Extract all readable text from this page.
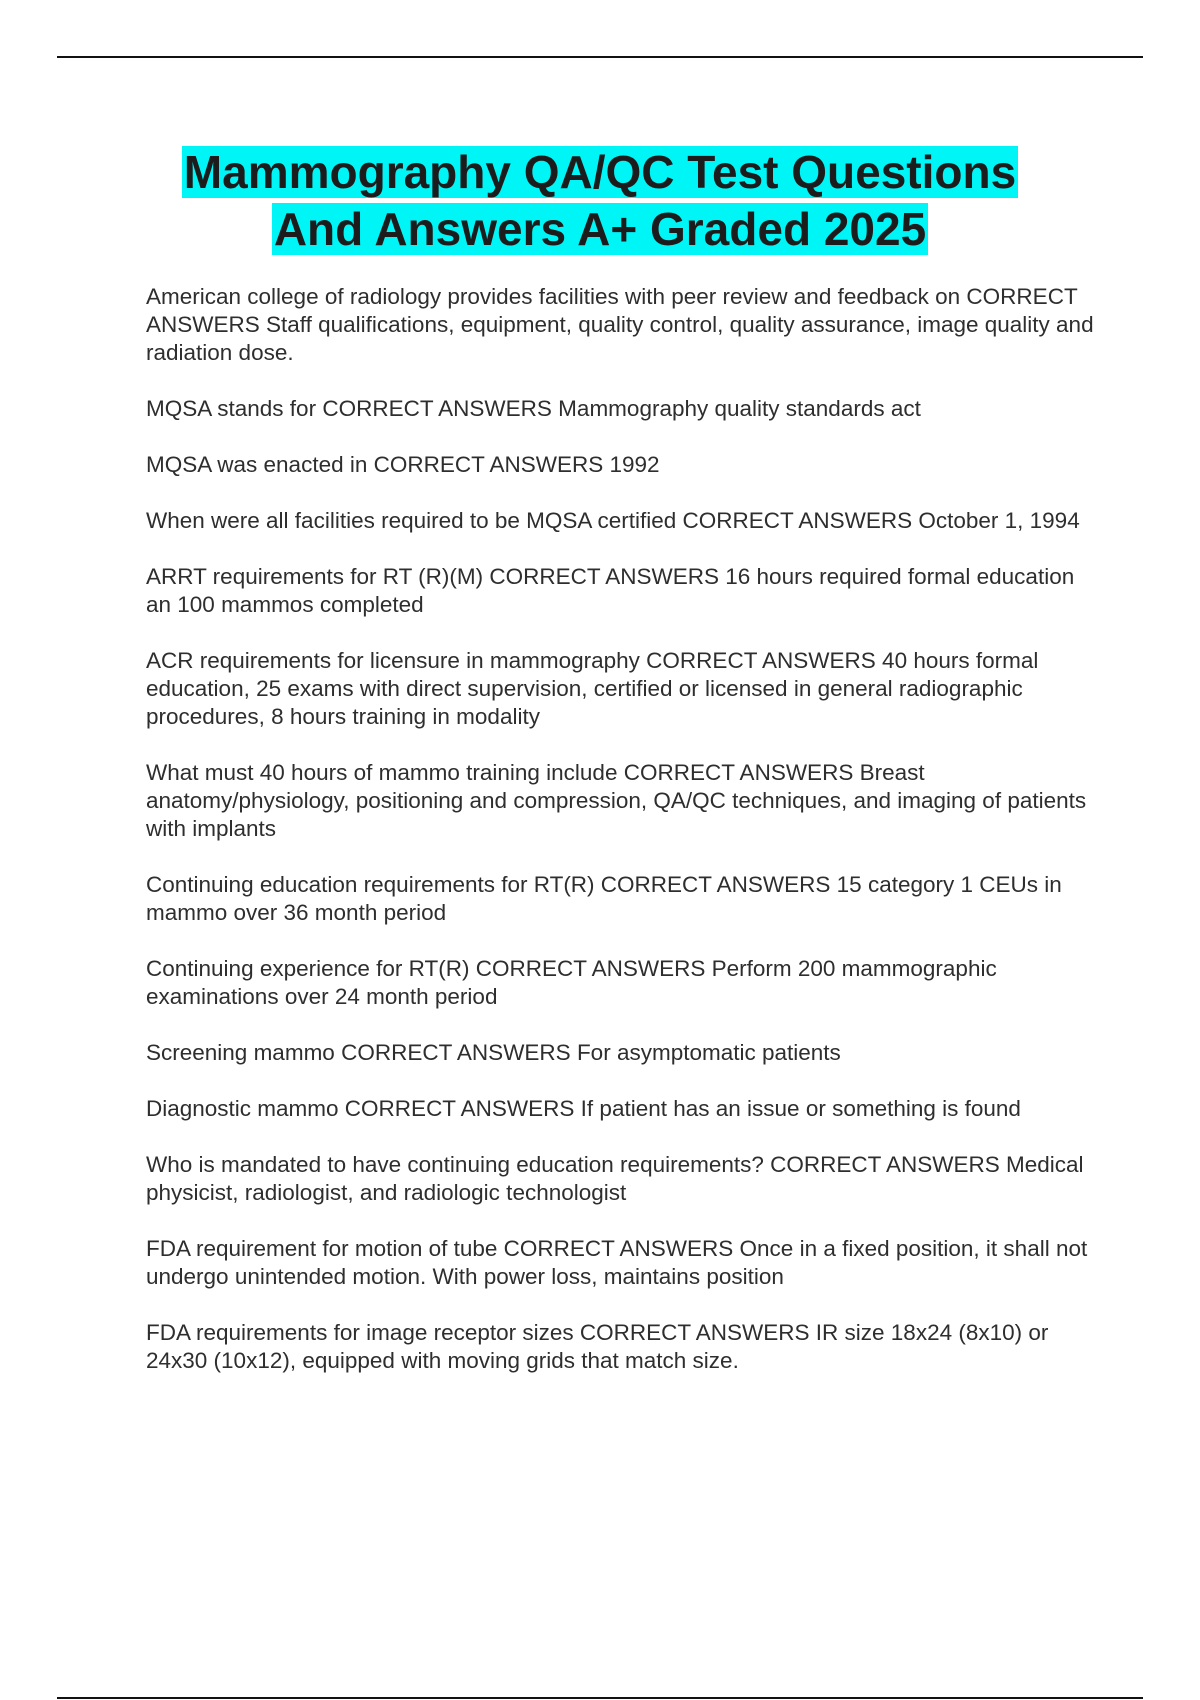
Mammography QA/QC Test Questions
And Answers A+ Graded 2025
American college of radiology provides facilities with peer review and feedback on CORRECT ANSWERS Staff qualifications, equipment, quality control, quality assurance, image quality and radiation dose.
MQSA stands for CORRECT ANSWERS Mammography quality standards act
MQSA was enacted in CORRECT ANSWERS 1992
When were all facilities required to be MQSA certified CORRECT ANSWERS October 1, 1994
ARRT requirements for RT (R)(M) CORRECT ANSWERS 16 hours required formal education an 100 mammos completed
ACR requirements for licensure in mammography CORRECT ANSWERS 40 hours formal education, 25 exams with direct supervision, certified or licensed in general radiographic procedures, 8 hours training in modality
What must 40 hours of mammo training include CORRECT ANSWERS Breast anatomy/physiology, positioning and compression, QA/QC techniques, and imaging of patients with implants
Continuing education requirements for RT(R) CORRECT ANSWERS 15 category 1 CEUs in mammo over 36 month period
Continuing experience for RT(R) CORRECT ANSWERS Perform 200 mammographic examinations over 24 month period
Screening mammo CORRECT ANSWERS For asymptomatic patients
Diagnostic mammo CORRECT ANSWERS If patient has an issue or something is found
Who is mandated to have continuing education requirements? CORRECT ANSWERS Medical physicist, radiologist, and radiologic technologist
FDA requirement for motion of tube CORRECT ANSWERS Once in a fixed position, it shall not undergo unintended motion. With power loss, maintains position
FDA requirements for image receptor sizes CORRECT ANSWERS IR size 18x24 (8x10) or 24x30 (10x12), equipped with moving grids that match size.
